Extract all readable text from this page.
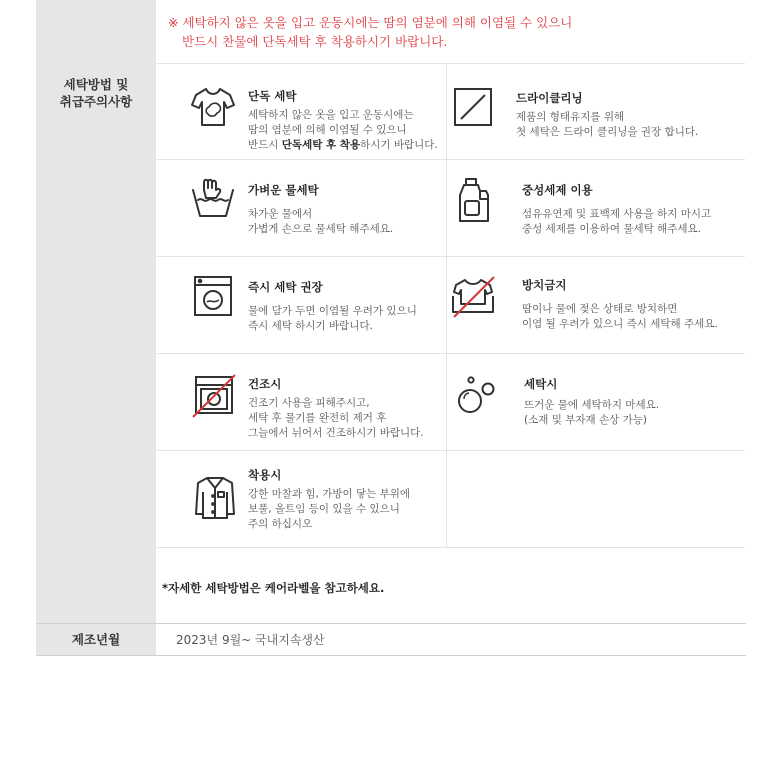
세탁방법 및
취급주의사항
제조년월
※ 세탁하지 않은 옷을 입고 운동시에는 땀의 염분에 의해 이염될 수 있으니
반드시 찬물에 단독세탁 후 착용하시기 바랍니다.
단독 세탁
세탁하지 않은 옷을 입고 운동시에는
땀의 염분에 의해 이염될 수 있으니
반드시 단독세탁 후 착용하시기 바랍니다.
드라이클리닝
제품의 형태유지를 위해
첫 세탁은 드라이 클리닝을 권장 합니다.
가벼운 물세탁
차가운 물에서
가볍게 손으로 물세탁 해주세요.
중성세제 이용
섬유유연제 및 표백제 사용을 하지 마시고
중성 세제를 이용하여 물세탁 해주세요.
즉시 세탁 권장
물에 담가 두면 이염될 우려가 있으니
즉시 세탁 하시기 바랍니다.
방치금지
땀이나 물에 젖은 상태로 방치하면
이염 될 우려가 있으니 즉시 세탁해 주세요.
건조시
건조기 사용을 피해주시고,
세탁 후 물기를 완전히 제거 후
그늘에서 뉘어서 건조하시기 바랍니다.
세탁시
뜨거운 물에 세탁하지 마세요.
(소재 및 부자재 손상 가능)
착용시
강한 마찰과 힘, 가방이 닿는 부위에
보풀, 올트임 등이 있을 수 있으니
주의 하십시오
*자세한 세탁방법은 케어라벨을 참고하세요.
2023년 9월~ 국내지속생산
